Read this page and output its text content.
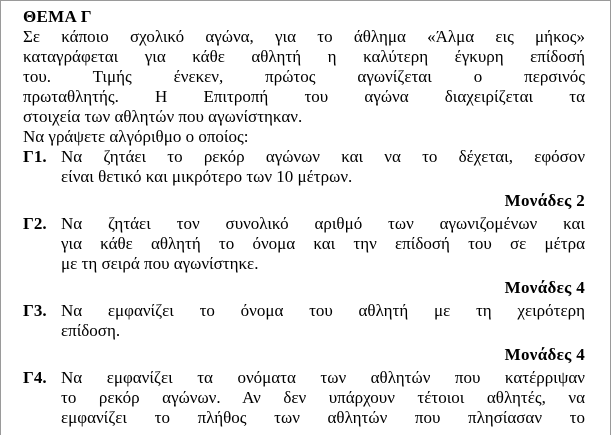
ΘΕΜΑ Γ
Σε κάποιο σχολικό αγώνα, για το άθλημα «Άλμα εις μήκος»
καταγράφεται για κάθε αθλητή η καλύτερη έγκυρη επίδοσή
του. Τιμής ένεκεν, πρώτος αγωνίζεται ο περσινός
πρωταθλητής. Η Επιτροπή του αγώνα διαχειρίζεται τα
στοιχεία των αθλητών που αγωνίστηκαν.
Να γράψετε αλγόριθμο ο οποίος:
Γ1. Να ζητάει το ρεκόρ αγώνων και να το δέχεται, εφόσον
είναι θετικό και μικρότερο των 10 μέτρων.
Μονάδες 2
Γ2. Να ζητάει τον συνολικό αριθμό των αγωνιζομένων και
για κάθε αθλητή το όνομα και την επίδοσή του σε μέτρα
με τη σειρά που αγωνίστηκε.
Μονάδες 4
Γ3. Να εμφανίζει το όνομα του αθλητή με τη χειρότερη
επίδοση.
Μονάδες 4
Γ4. Να εμφανίζει τα ονόματα των αθλητών που κατέρριψαν
το ρεκόρ αγώνων. Αν δεν υπάρχουν τέτοιοι αθλητές, να
εμφανίζει το πλήθος των αθλητών που πλησίασαν το
